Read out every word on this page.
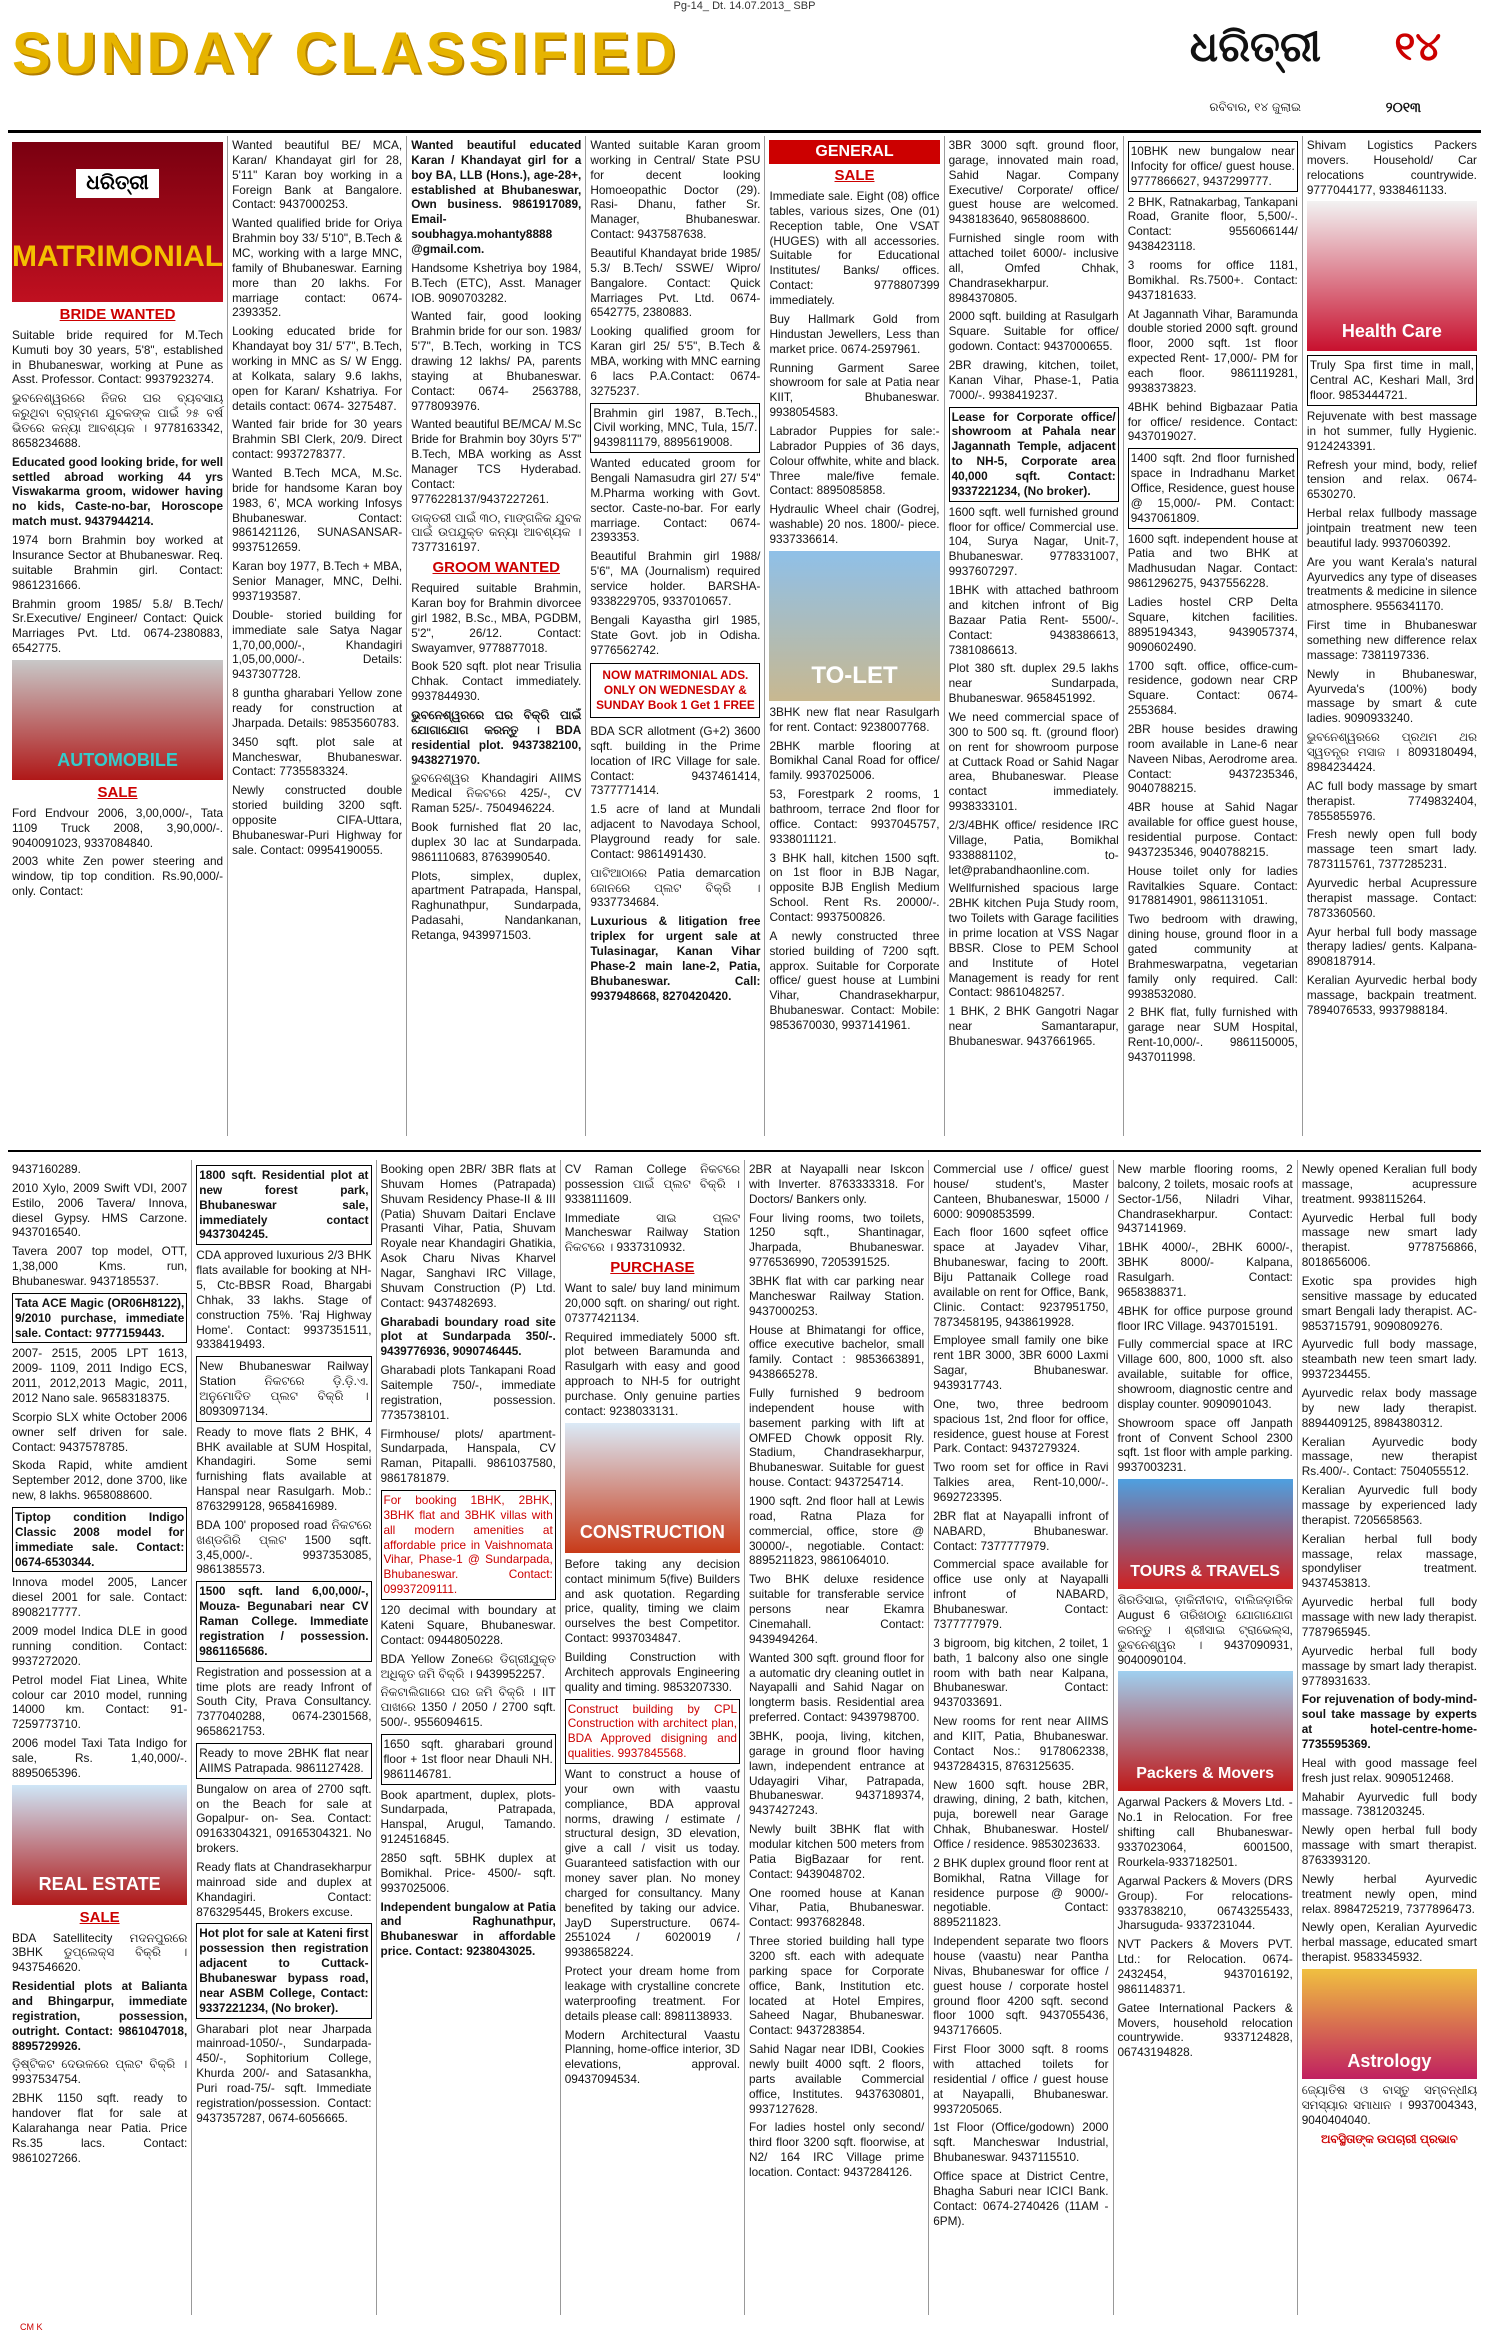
Pg-14_ Dt. 14.07.2013_ SBP
SUNDAY CLASSIFIED	ଧରିତ୍ରୀ ୧୪
ରବିବାର, ୧୪ ଜୁଲାଇ	୨୦୧୩
ଧରିତ୍ରୀ
MATRIMONIAL
BRIDE WANTED
Suitable bride required for M.Tech Kumuti boy 30 years, 5'8", established in Bhubaneswar, working at Pune as Asst. Professor. Contact: 9937923274.
ଭୁବନେଶ୍ୱରରେ ନିଜର ଘର ବ୍ୟବସାୟ କରୁଥିବା ବ୍ରାହ୍ମଣ ଯୁବକଙ୍କ ପାଇଁ ୨୫ ବର୍ଷ ଭିତରେ କନ୍ୟା ଆବଶ୍ୟକ । 9778163342, 8658234688.
Educated good looking bride, for well settled abroad working 44 yrs Viswakarma groom, widower having no kids, Caste-no-bar, Horoscope match must. 9437944214.
1974 born Brahmin boy worked at Insurance Sector at Bhubaneswar. Req. suitable Brahmin girl. Contact: 9861231666.
Brahmin groom 1985/ 5.8/ B.Tech/ Sr.Executive/ Engineer/ Contact: Quick Marriages Pvt. Ltd. 0674-2380883, 6542775.
AUTOMOBILE
SALE
Ford Endvour 2006, 3,00,000/-, Tata 1109 Truck 2008, 3,90,000/-. 9040091023, 9337084840.
2003 white Zen power steering and window, tip top condition. Rs.90,000/- only. Contact:
Wanted beautiful BE/ MCA, Karan/ Khandayat girl for 28, 5'11" Karan boy working in a Foreign Bank at Bangalore. Contact: 9437000253.
Wanted qualified bride for Oriya Brahmin boy 33/ 5'10", B.Tech & MC, working with a large MNC, family of Bhubaneswar. Earning more than 20 lakhs. For marriage contact: 0674-2393352.
Looking educated bride for Khandayat boy 31/ 5'7", B.Tech, working in MNC as S/ W Engg. at Kolkata, salary 9.6 lakhs, open for Karan/ Kshatriya. For details contact: 0674- 3275487.
Wanted fair bride for 30 years Brahmin SBI Clerk, 20/9. Direct contact: 9937278377.
Wanted B.Tech MCA, M.Sc. bride for handsome Karan boy 1983, 6', MCA working Infosys Bhubaneswar. Contact: 9861421126, SUNASANSAR-9937512659.
Karan boy 1977, B.Tech + MBA, Senior Manager, MNC, Delhi. 9937193587.
Double- storied building for immediate sale Satya Nagar 1,70,00,000/-, Khandagiri 1,05,00,000/-. Details: 9437307728.
8 guntha gharabari Yellow zone ready for construction at Jharpada. Details: 9853560783.
3450 sqft. plot sale at Mancheswar, Bhubaneswar. Contact: 7735583324.
Newly constructed double storied building 3200 sqft. opposite CIFA-Uttara, Bhubaneswar-Puri Highway for sale. Contact: 09954190055.
Wanted beautiful educated Karan / Khandayat girl for a boy BA, LLB (Hons.), age-28+, established at Bhubaneswar, Own business. 9861917089, Email-soubhagya.mohanty8888 @gmail.com.
Handsome Kshetriya boy 1984, B.Tech (ETC), Asst. Manager IOB. 9090703282.
Wanted fair, good looking Brahmin bride for our son. 1983/ 5'7", B.Tech, working in TCS drawing 12 lakhs/ PA, parents staying at Bhubaneswar. Contact: 0674- 2563788, 9778093976.
Wanted beautiful BE/MCA/ M.Sc Bride for Brahmin boy 30yrs 5'7" B.Tech, MBA working as Asst Manager TCS Hyderabad. Contact: 9776228137/9437227261.
ଡାକ୍ତରୀ ପାଇଁ ୩୦, ମାଙ୍ଗଳିକ ଯୁବକ ପାଇଁ ଉପଯୁକ୍ତ କନ୍ୟା ଆବଶ୍ୟକ । 7377316197.
GROOM WANTED
Required suitable Brahmin, Karan boy for Brahmin divorcee girl 1982, B.Sc., MBA, PGDBM, 5'2", 26/12. Contact: Swayamver, 9778877018.
Book 520 sqft. plot near Trisulia Chhak. Contact immediately. 9937844930.
ଭୁବନେଶ୍ୱରରେ ଘର ବିକ୍ରି ପାଇଁ ଯୋଗାଯୋଗ କରନ୍ତୁ । BDA residential plot. 9437382100, 9438271970.
ଭୁବନେଶ୍ୱର Khandagiri AIIMS Medical ନିକଟରେ 425/-, CV Raman 525/-. 7504946224.
Book furnished flat 20 lac, duplex 30 lac at Sundarpada. 9861110683, 8763990540.
Plots, simplex, duplex, apartment Patrapada, Hanspal, Raghunathpur, Sundarpada, Padasahi, Nandankanan, Retanga, 9439971503.
Wanted suitable Karan groom working in Central/ State PSU for decent looking Homoeopathic Doctor (29). Rasi- Dhanu, father Sr. Manager, Bhubaneswar. Contact: 9437587638.
Beautiful Khandayat bride 1985/ 5.3/ B.Tech/ SSWE/ Wipro/ Bangalore. Contact: Quick Marriages Pvt. Ltd. 0674-6542775, 2380883.
Looking qualified groom for Karan girl 25/ 5'5", B.Tech & MBA, working with MNC earning 6 lacs P.A.Contact: 0674- 3275237.
Brahmin girl 1987, B.Tech., Civil working, MNC, Tula, 15/7. 9439811179, 8895619008.
Wanted educated groom for Bengali Namasudra girl 27/ 5'4" M.Pharma working with Govt. sector. Caste-no-bar. For early marriage. Contact: 0674- 2393353.
Beautiful Brahmin girl 1988/ 5'6", MA (Journalism) required service holder. BARSHA- 9338229705, 9337010657.
Bengali Kayastha girl 1985, State Govt. job in Odisha. 9776562742.
NOW MATRIMONIAL ADS. ONLY ON WEDNESDAY & SUNDAY Book 1 Get 1 FREE
BDA SCR allotment (G+2) 3600 sqft. building in the Prime location of IRC Village for sale. Contact: 9437461414, 7377771414.
1.5 acre of land at Mundali adjacent to Navodaya School, Playground ready for sale. Contact: 9861491430.
ପାଟିଆଠାରେ Patia demarcation ଜୋନରେ ପ୍ଲଟ ବିକ୍ରି । 9337734684.
Luxurious & litigation free triplex for urgent sale at Tulasinagar, Kanan Vihar Phase-2 main lane-2, Patia, Bhubaneswar. Call: 9937948668, 8270420420.
GENERAL
SALE
Immediate sale. Eight (08) office tables, various sizes, One (01) Reception table, One VSAT (HUGES) with all accessories. Suitable for Educational Institutes/ Banks/ offices. Contact: 9778807399 immediately.
Buy Hallmark Gold from Hindustan Jewellers, Less than market price. 0674-2597961.
Running Garment Saree showroom for sale at Patia near KIIT, Bhubaneswar. 9938054583.
Labrador Puppies for sale:- Labrador Puppies of 36 days, Colour offwhite, white and black. Three male/five female. Contact: 8895085858.
Hydraulic Wheel chair (Godrej, washable) 20 nos. 1800/- piece. 9337336614.
TO-LET
3BHK new flat near Rasulgarh for rent. Contact: 9238007768.
2BHK marble flooring at Bomikhal Canal Road for office/ family. 9937025006.
53, Forestpark 2 rooms, 1 bathroom, terrace 2nd floor for office. Contact: 9937045757, 9338011121.
3 BHK hall, kitchen 1500 sqft. on 1st floor in BJB Nagar, opposite BJB English Medium School. Rent Rs. 20000/-. Contact: 9937500826.
A newly constructed three storied building of 7200 sqft. approx. Suitable for Corporate office/ guest house at Lumbini Vihar, Chandrasekharpur, Bhubaneswar. Contact: Mobile: 9853670030, 9937141961.
3BR 3000 sqft. ground floor, garage, innovated main road, Sahid Nagar. Company Executive/ Corporate/ office/ guest house are welcomed. 9438183640, 9658088600.
Furnished single room with attached toilet 6000/- inclusive all, Omfed Chhak, Chandrasekharpur. 8984370805.
2000 sqft. building at Rasulgarh Square. Suitable for office/ godown. Contact: 9437000655.
2BR drawing, kitchen, toilet, Kanan Vihar, Phase-1, Patia 7000/-. 9938419237.
Lease for Corporate office/ showroom at Pahala near Jagannath Temple, adjacent to NH-5, Corporate area 40,000 sqft. Contact: 9337221234, (No broker).
1600 sqft. well furnished ground floor for office/ Commercial use. 104, Surya Nagar, Unit-7, Bhubaneswar. 9778331007, 9937607297.
1BHK with attached bathroom and kitchen infront of Big Bazaar Patia Rent- 5500/-. Contact: 9438386613, 7381086613.
Plot 380 sft. duplex 29.5 lakhs near Sundarpada, Bhubaneswar. 9658451992.
We need commercial space of 300 to 500 sq. ft. (ground floor) on rent for showroom purpose at Cuttack Road or Sahid Nagar area, Bhubaneswar. Please contact immediately. 9938333101.
2/3/4BHK office/ residence IRC Village, Patia, Bomikhal 9338881102, to-let@prabandhaonline.com.
Wellfurnished spacious large 2BHK kitchen Puja Study room, two Toilets with Garage facilities in prime location at VSS Nagar BBSR. Close to PEM School and Institute of Hotel Management is ready for rent Contact: 9861048257.
1 BHK, 2 BHK Gangotri Nagar near Samantarapur, Bhubaneswar. 9437661965.
10BHK new bungalow near Infocity for office/ guest house. 9777866627, 9437299777.
2 BHK, Ratnakarbag, Tankapani Road, Granite floor, 5,500/-. Contact: 9556066144/ 9438423118.
3 rooms for office 1181, Bomikhal. Rs.7500+. Contact: 9437181633.
At Jagannath Vihar, Baramunda double storied 2000 sqft. ground floor, 2000 sqft. 1st floor expected Rent- 17,000/- PM for each floor. 9861119281, 9938373823.
4BHK behind Bigbazaar Patia for office/ residence. Contact: 9437019027.
1400 sqft. 2nd floor furnished space in Indradhanu Market Office, Residence, guest house @ 15,000/- PM. Contact: 9437061809.
1600 sqft. independent house at Patia and two BHK at Madhusudan Nagar. Contact: 9861296275, 9437556228.
Ladies hostel CRP Delta Square, kitchen facilities. 8895194343, 9439057374, 9090602490.
1700 sqft. office, office-cum-residence, godown near CRP Square. Contact: 0674-2553684.
2BR house besides drawing room available in Lane-6 near Naveen Nibas, Aerodrome area. Contact: 9437235346, 9040788215.
4BR house at Sahid Nagar available for office guest house, residential purpose. Contact: 9437235346, 9040788215.
House toilet only for ladies Ravitalkies Square. Contact: 9178814901, 9861131051.
Two bedroom with drawing, dining house, ground floor in a gated community at Brahmeswarpatna, vegetarian family only required. Call: 9938532080.
2 BHK flat, fully furnished with garage near SUM Hospital, Rent-10,000/-. 9861150005, 9437011998.
Shivam Logistics Packers movers. Household/ Car relocations countrywide. 9777044177, 9338461133.
Health Care
Truly Spa first time in mall, Central AC, Keshari Mall, 3rd floor. 9853444721.
Rejuvenate with best massage in hot summer, fully Hygienic. 9124243391.
Refresh your mind, body, relief tension and relax. 0674-6530270.
Herbal relax fullbody massage jointpain treatment new teen beautiful lady. 9937060392.
Are you want Kerala's natural Ayurvedics any type of diseases treatments & medicine in silence atmosphere. 9556341170.
First time in Bhubaneswar something new difference relax massage: 7381197336.
Newly in Bhubaneswar, Ayurveda's (100%) body massage by smart & cute ladies. 9090933240.
ଭୁବନେଶ୍ୱରରେ ପ୍ରଥମ ଥର ସ୍ୱତନ୍ତ୍ର ମସାଜ । 8093180494, 8984234424.
AC full body massage by smart therapist. 7749832404, 7855855976.
Fresh newly open full body massage teen smart lady. 7873115761, 7377285231.
Ayurvedic herbal Acupressure therapist massage. Contact: 7873360560.
Ayur herbal full body massage therapy ladies/ gents. Kalpana-8908187914.
Keralian Ayurvedic herbal body massage, backpain treatment. 7894076533, 9937988184.
9437160289.
2010 Xylo, 2009 Swift VDI, 2007 Estilo, 2006 Tavera/ Innova, diesel Gypsy. HMS Carzone. 9437016540.
Tavera 2007 top model, OTT, 1,38,000 Kms. run, Bhubaneswar. 9437185537.
Tata ACE Magic (OR06H8122), 9/2010 purchase, immediate sale. Contact: 9777159443.
2007- 2515, 2005 LPT 1613, 2009- 1109, 2011 Indigo ECS, 2011, 2012,2013 Magic, 2011, 2012 Nano sale. 9658318375.
Scorpio SLX white October 2006 owner self driven for sale. Contact: 9437578785.
Skoda Rapid, white amdient September 2012, done 3700, like new, 8 lakhs. 9658088600.
Tiptop condition Indigo Classic 2008 model for immediate sale. Contact: 0674-6530344.
Innova model 2005, Lancer diesel 2001 for sale. Contact: 8908217777.
2009 model Indica DLE in good running condition. Contact: 9937272020.
Petrol model Fiat Linea, White colour car 2010 model, running 14000 km. Contact: 91-7259773710.
2006 model Taxi Tata Indigo for sale, Rs. 1,40,000/-. 8895065396.
REAL ESTATE
SALE
BDA Satellitecity ମଦନପୁରରେ 3BHK ଡୁପ୍ଲେକ୍ସ ବିକ୍ରି । 9437546620.
Residential plots at Balianta and Bhingarpur, immediate registration, possession, outright. Contact: 9861047018, 8895729926.
ଡ଼ିଷ୍ଟିକଟ ଦେଉଳରେ ପ୍ଲଟ ବିକ୍ରି । 9937534754.
2BHK 1150 sqft. ready to handover flat for sale at Kalarahanga near Patia. Price Rs.35 lacs. Contact: 9861027266.
1800 sqft. Residential plot at new forest park, Bhubaneswar sale, immediately contact 9437304245.
CDA approved luxurious 2/3 BHK flats available for booking at NH-5, Ctc-BBSR Road, Bhargabi Chhak, 33 lakhs. Stage of construction 75%. 'Raj Highway Home'. Contact: 9937351511, 9338419493.
New Bhubaneswar Railway Station ନିକଟରେ ଡ଼ି.ଡ଼ି.ଏ. ଅନୁମୋଦିତ ପ୍ଲଟ ବିକ୍ରି । 8093097134.
Ready to move flats 2 BHK, 4 BHK available at SUM Hospital, Khandagiri. Some semi furnishing flats available at Hanspal near Rasulgarh. Mob.: 8763299128, 9658416989.
BDA 100' proposed road ନିକଟରେ ଖଣ୍ଡଗିରି ପ୍ଲଟ 1500 sqft. 3,45,000/-. 9937353085, 9861385573.
1500 sqft. land 6,00,000/-, Mouza- Begunabari near CV Raman College. Immediate registration / possession. 9861165686.
Registration and possession at a time plots are ready Infront of South City, Prava Consultancy. 7377040288, 0674-2301568, 9658621753.
Ready to move 2BHK flat near AIIMS Patrapada. 9861127428.
Bungalow on area of 2700 sqft. on the Beach for sale at Gopalpur- on- Sea. Contact: 09163304321, 09165304321. No brokers.
Ready flats at Chandrasekharpur mainroad side and duplex at Khandagiri. Contact: 8763295445, Brokers excuse.
Hot plot for sale at Kateni first possession then registration adjacent to Cuttack- Bhubaneswar bypass road, near ASBM College, Contact: 9337221234, (No broker).
Gharabari plot near Jharpada mainroad-1050/-, Sundarpada-450/-, Sophitorium College, Khurda 200/- and Satasankha, Puri road-75/- sqft. Immediate registration/possession. Contact: 9437357287, 0674-6056665.
Booking open 2BR/ 3BR flats at Shuvam Homes (Patrapada) Shuvam Residency Phase-II & III (Patia) Shuvam Daitari Enclave Prasanti Vihar, Patia, Shuvam Royale near Khandagiri Ghatikia, Asok Charu Nivas Kharvel Nagar, Sanghavi IRC Village, Shuvam Construction (P) Ltd. Contact: 9437482693.
Gharabadi boundary road site plot at Sundarpada 350/-. 9439776936, 9090746445.
Gharabadi plots Tankapani Road Saitemple 750/-, immediate registration, possession. 7735738101.
Firmhouse/ plots/ apartment-Sundarpada, Hanspala, CV Raman, Pitapalli. 9861037580, 9861781879.
For booking 1BHK, 2BHK, 3BHK flat and 3BHK villas with all modern amenities at affordable price in Vaishnomata Vihar, Phase-1 @ Sundarpada, Bhubaneswar. Contact: 09937209111.
120 decimal with boundary at Kateni Square, Bhubaneswar. Contact: 09448050228.
BDA Yellow Zoneରେ ଡିଗ୍ରୀଯୁକ୍ତ ଅଧିକୃତ ଜମି ବିକ୍ରି । 9439952257.
ନିକଟାଲିଗାରେ ଘର ଜମି ବିକ୍ରି । IIT ପାଖରେ 1350 / 2050 / 2700 sqft. 500/-. 9556094615.
1650 sqft. gharabari ground floor + 1st floor near Dhauli NH. 9861146781.
Book apartment, duplex, plots-Sundarpada, Patrapada, Hanspal, Arugul, Tamando. 9124516845.
2850 sqft. 5BHK duplex at Bomikhal. Price- 4500/- sqft. 9937025006.
Independent bungalow at Patia and Raghunathpur, Bhubaneswar in affordable price. Contact: 9238043025.
CV Raman College ନିକଟରେ possession ପାଇଁ ପ୍ଲଟ ବିକ୍ରି । 9338111609.
Immediate ସାଇ ପ୍ଲଟ Mancheswar Railway Station ନିକଟରେ । 9337310932.
PURCHASE
Want to sale/ buy land minimum 20,000 sqft. on sharing/ out right. 07377421134.
Required immediately 5000 sft. plot between Baramunda and Rasulgarh with easy and good approach to NH-5 for outright purchase. Only genuine parties contact: 9238033131.
CONSTRUCTION
Before taking any decision contact minimum 5(five) Builders and ask quotation. Regarding price, quality, timing we claim ourselves the best Competitor. Contact: 9937034847.
Building Construction with Architech approvals Engineering quality and timing. 9853207330.
Construct building by CPL Construction with architect plan, BDA Approved disigning and qualities. 9937845568.
Want to construct a house of your own with vaastu compliance, BDA approval norms, drawing / estimate / structural design, 3D elevation, give a call / visit us today. Guaranteed satisfaction with our money saver plan. No money charged for consultancy. Many benefited by taking our advice. JayD Superstructure. 0674-2551024 / 6020019 / 9938658224.
Protect your dream home from leakage with crystalline concrete waterproofing treatment. For details please call: 8981138933.
Modern Architectural Vaastu Planning, home-office interior, 3D elevations, approval. 09437094534.
2BR at Nayapalli near Iskcon with Inverter. 8763333318. For Doctors/ Bankers only.
Four living rooms, two toilets, 1250 sqft., Shantinagar, Jharpada, Bhubaneswar. 9776536990, 7205391525.
3BHK flat with car parking near Mancheswar Railway Station. 9437000253.
House at Bhimatangi for office, office executive bachelor, small family. Contact : 9853663891, 9438665278.
Fully furnished 9 bedroom independent house with basement parking with lift at OMFED Chowk opposit Rly. Stadium, Chandrasekharpur, Bhubaneswar. Suitable for guest house. Contact: 9437254714.
1900 sqft. 2nd floor hall at Lewis road, Ratna Plaza for commercial, office, store @ 30000/-, negotiable. Contact: 8895211823, 9861064010.
Two BHK deluxe residence suitable for transferable service persons near Ekamra Cinemahall. Contact: 9439494264.
Wanted 300 sqft. ground floor for a automatic dry cleaning outlet in Nayapalli and Sahid Nagar on longterm basis. Residential area preferred. Contact: 9439798700.
3BHK, pooja, living, kitchen, garage in ground floor having lawn, independent entrance at Udayagiri Vihar, Patrapada, Bhubaneswar. 9437189374, 9437427243.
Newly built 3BHK flat with modular kitchen 500 meters from Patia BigBazaar for rent. Contact: 9439048702.
One roomed house at Kanan Vihar, Patia, Bhubaneswar. Contact: 9937682848.
Three storied building hall type 3200 sft. each with adequate parking space for Corporate office, Bank, Institution etc. located at Hotel Empires, Saheed Nagar, Bhubaneswar. Contact: 9437283854.
Sahid Nagar near IDBI, Cookies newly built 4000 sqft. 2 floors, parts available Commercial office, Institutes. 9437630801, 9937127628.
For ladies hostel only second/ third floor 3200 sqft. floorwise, at N2/ 164 IRC Village prime location. Contact: 9437284126.
Commercial use / office/ guest house/ student's, Master Canteen, Bhubaneswar, 15000 / 6000: 9090853599.
Each floor 1600 sqfeet office space at Jayadev Vihar, Bhubaneswar, facing to 200ft. Biju Pattanaik College road available on rent for Office, Bank, Clinic. Contact: 9237951750, 7873458195, 9438619928.
Employee small family one bike rent 1BR 3000, 3BR 6000 Laxmi Sagar, Bhubaneswar. 9439317743.
One, two, three bedroom spacious 1st, 2nd floor for office, residence, guest house at Forest Park. Contact: 9437279324.
Two room set for office in Ravi Talkies area, Rent-10,000/-. 9692723395.
2BR flat at Nayapalli infront of NABARD, Bhubaneswar. Contact: 7377777979.
Commercial space available for office use only at Nayapalli infront of NABARD, Bhubaneswar. Contact: 7377777979.
3 bigroom, big kitchen, 2 toilet, 1 bath, 1 balcony also one single room with bath near Kalpana, Bhubaneswar. Contact: 9437033691.
New rooms for rent near AIIMS and KIIT, Patia, Bhubaneswar. Contact Nos.: 9178062338, 9437284315, 8763125635.
New 1600 sqft. house 2BR, drawing, dining, 2 bath, kitchen, puja, borewell near Garage Chhak, Bhubaneswar. Hostel/ Office / residence. 9853023633.
2 BHK duplex ground floor rent at Bomikhal, Ratna Village for residence purpose @ 9000/- negotiable. Contact: 8895211823.
Independent separate two floors house (vaastu) near Pantha Nivas, Bhubaneswar for office / guest house / corporate hostel ground floor 4200 sqft. second floor 1000 sqft. 9437055436, 9437176605.
First Floor 3000 sqft. 8 rooms with attached toilets for residential / office / guest house at Nayapalli, Bhubaneswar. 9937205065.
1st Floor (Office/godown) 2000 sqft. Mancheswar Industrial, Bhubaneswar. 9437115510.
Office space at District Centre, Bhagha Saburi near ICICI Bank. Contact: 0674-2740426 (11AM - 6PM).
New marble flooring rooms, 2 balcony, 2 toilets, mosaic roofs at Sector-1/56, Niladri Vihar, Chandrasekharpur. Contact: 9437141969.
1BHK 4000/-, 2BHK 6000/-, 3BHK 8000/- Kalpana, Rasulgarh. Contact: 9658388371.
4BHK for office purpose ground floor IRC Village. 9437015191.
Fully commercial space at IRC Village 600, 800, 1000 sft. also available, suitable for office, showroom, diagnostic centre and display counter. 9090901043.
Showroom space off Janpath front of Convent School 2300 sqft. 1st floor with ample parking. 9937003231.
TOURS & TRAVELS
ଶିରଡିସାଇ, ଡ଼ାକିନୀବାଦ, ବାଲିଜଡ଼ାରିକ August 6 ତାରିଖଠାରୁ ଯୋଗାଯୋଗ କରନ୍ତୁ । ଶ୍ରୀସାଇ ଟ୍ରାଭେଲ୍ସ, ଭୁବନେଶ୍ୱର । 9437090931, 9040090104.
Packers & Movers
Agarwal Packers & Movers Ltd. - No.1 in Relocation. For free shifting call Bhubaneswar- 9337023064, 6001500, Rourkela-9337182501.
Agarwal Packers & Movers (DRS Group). For relocations- 9337838210, 06743255433, Jharsuguda- 9337231044.
NVT Packers & Movers PVT. Ltd.: for Relocation. 0674-2432454, 9437016192, 9861148371.
Gatee International Packers & Movers, household relocation countrywide. 9337124828, 06743194828.
Newly opened Keralian full body massage, acupressure treatment. 9938115264.
Ayurvedic Herbal full body massage new smart lady therapist. 9778756866, 8018656006.
Exotic spa provides high sensitive massage by educated smart Bengali lady therapist. AC- 9853715791, 9090809276.
Ayurvedic full body massage, steambath new teen smart lady. 9937234455.
Ayurvedic relax body massage by new lady therapist. 8894409125, 8984380312.
Keralian Ayurvedic body massage, new therapist Rs.400/-. Contact: 7504055512.
Keralian Ayurvedic full body massage by experienced lady therapist. 7205658563.
Keralian herbal full body massage, relax massage, spondyliser treatment. 9437453813.
Ayurvedic herbal full body massage with new lady therapist. 7787965945.
Ayurvedic herbal full body massage by smart lady therapist. 9778931633.
For rejuvenation of body-mind-soul take massage by experts at hotel-centre-home-7735595369.
Heal with good massage feel fresh just relax. 9090512468.
Mahabir Ayurvedic full body massage. 7381203245.
Newly open herbal full body massage with smart therapist. 8763393120.
Newly herbal Ayurvedic treatment newly open, mind relax. 8984725219, 7377896473.
Newly open, Keralian Ayurvedic herbal massage, educated smart therapist. 9583345932.
Astrology
ଜ୍ୟୋତିଷ ଓ ବାସ୍ତୁ ସମ୍ବନ୍ଧୀୟ ସମସ୍ୟାର ସମାଧାନ । 9937004343, 9040404040.
ଅବସ୍ଥିତାଙ୍କ ଉପଚାରୀ ପ୍ରଭାବ
CM K
